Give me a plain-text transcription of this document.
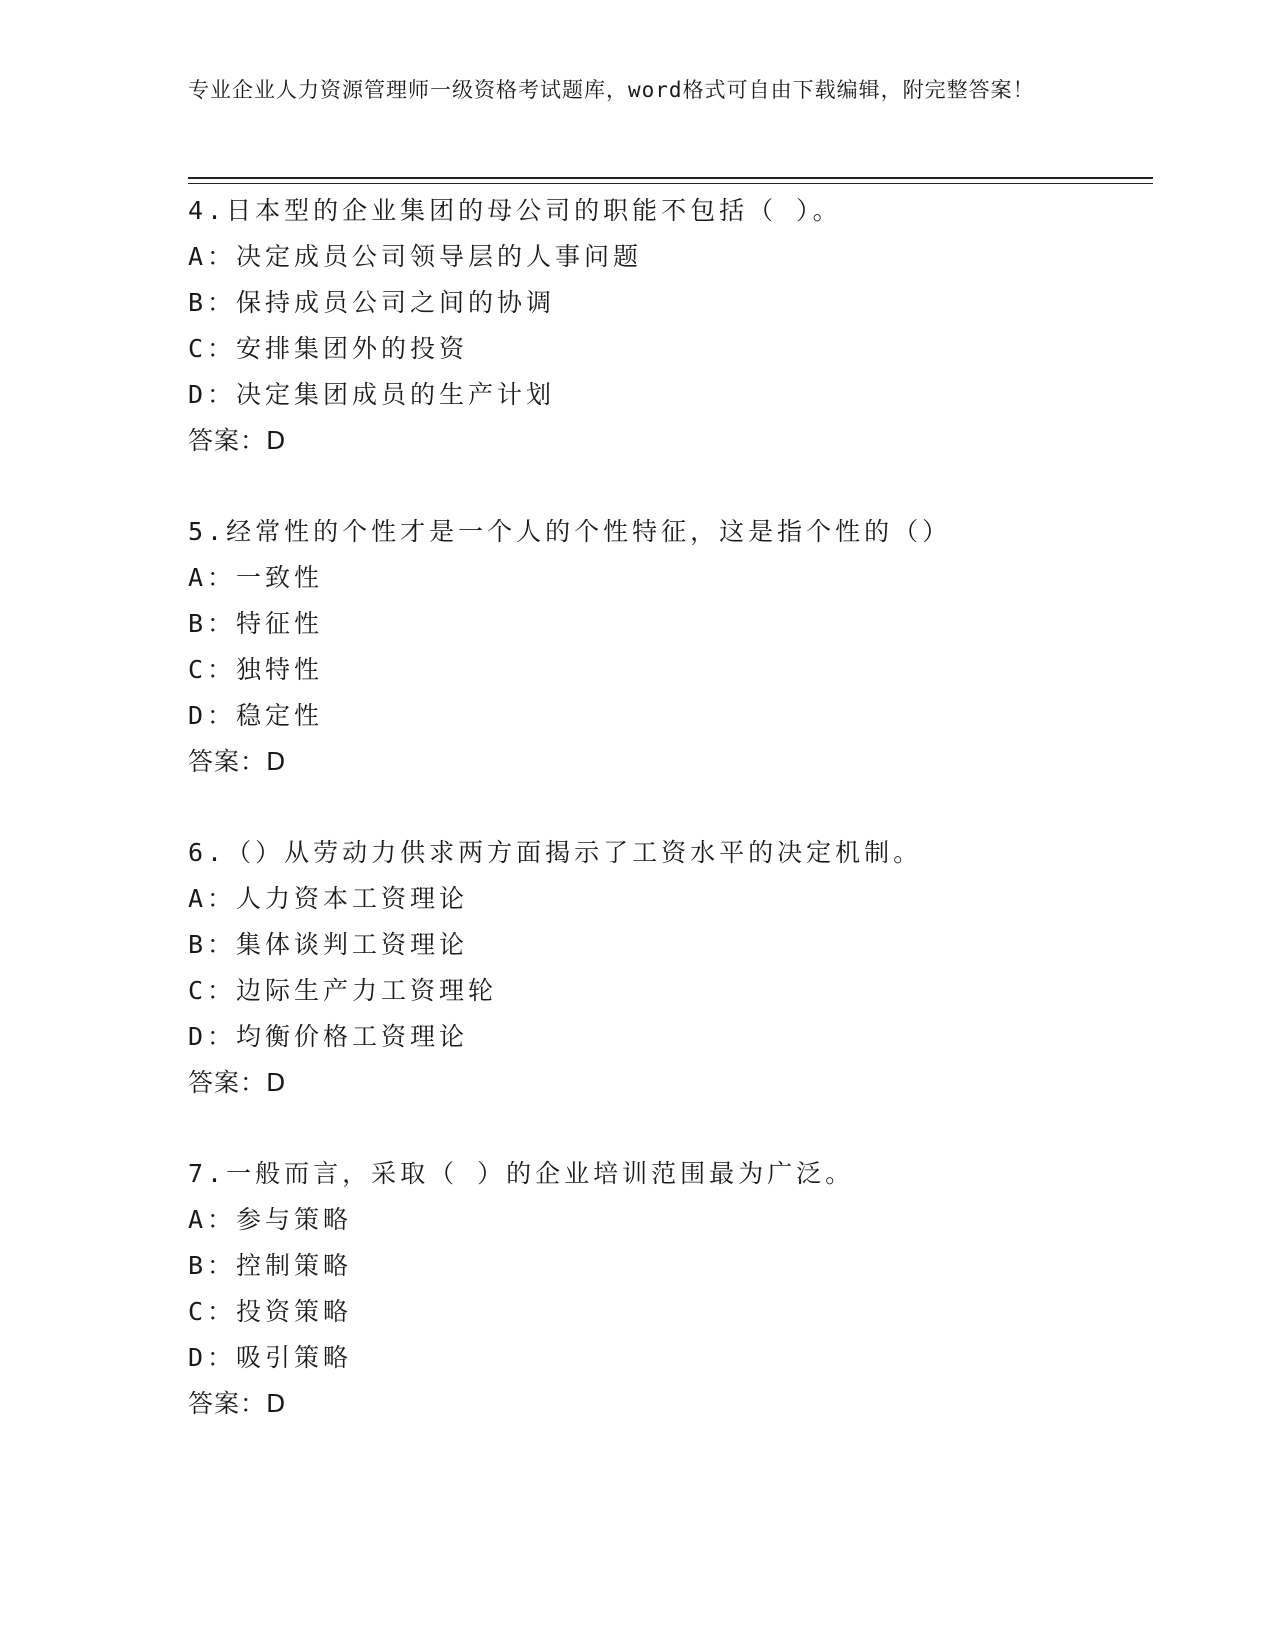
专业企业人力资源管理师一级资格考试题库，word格式可自由下载编辑，附完整答案！
4.日本型的企业集团的母公司的职能不包括（ ）。
A：决定成员公司领导层的人事问题
B：保持成员公司之间的协调
C：安排集团外的投资
D：决定集团成员的生产计划
答案：D
5.经常性的个性才是一个人的个性特征，这是指个性的（）
A：一致性
B：特征性
C：独特性
D：稳定性
答案：D
6.（）从劳动力供求两方面揭示了工资水平的决定机制。
A：人力资本工资理论
B：集体谈判工资理论
C：边际生产力工资理轮
D：均衡价格工资理论
答案：D
7.一般而言，采取（ ）的企业培训范围最为广泛。
A：参与策略
B：控制策略
C：投资策略
D：吸引策略
答案：D
